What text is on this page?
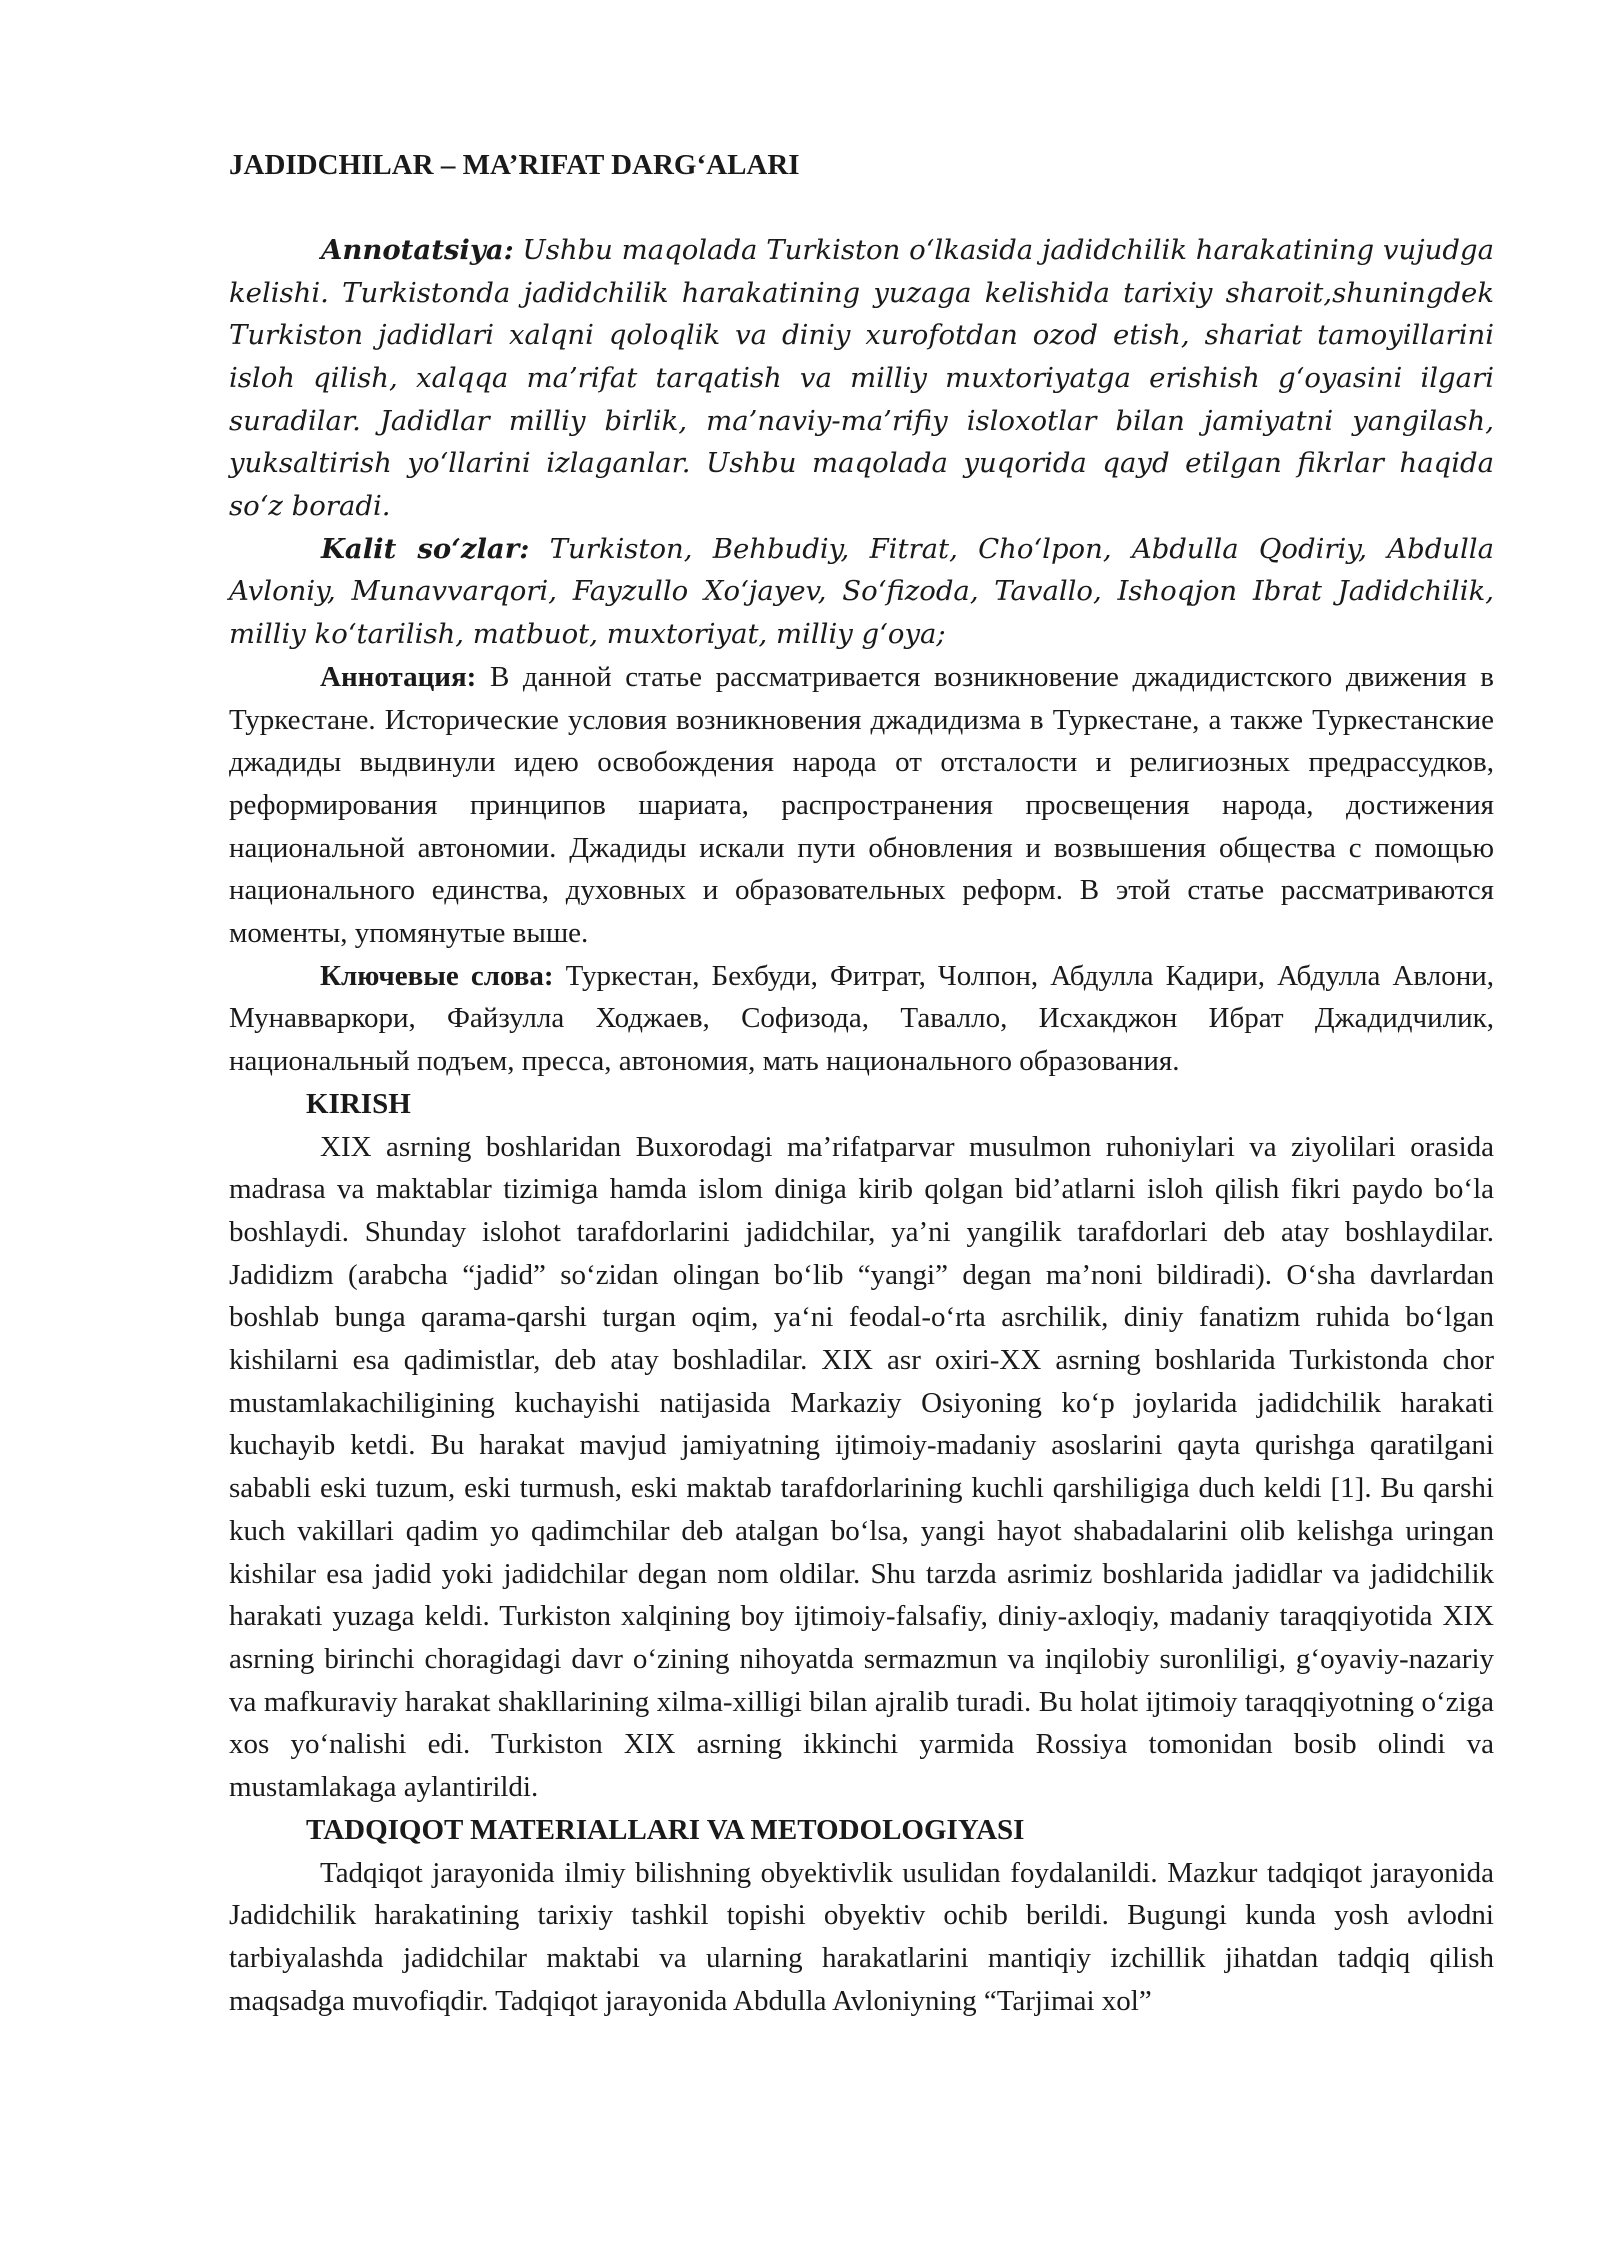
JADIDCHILAR – MA’RIFAT DARG‘ALARI

Annotatsiya: Ushbu maqolada Turkiston o‘lkasida jadidchilik harakatining vujudga kelishi. Turkistonda jadidchilik harakatining yuzaga kelishida tarixiy sharoit,shuningdek Turkiston jadidlari xalqni qoloqlik va diniy xurofotdan ozod etish, shariat tamoyillarini isloh qilish, xalqqa ma’rifat tarqatish va milliy muxtoriyatga erishish g‘oyasini ilgari suradilar. Jadidlar milliy birlik, ma’naviy-ma’rifiy isloxotlar bilan jamiyatni yangilash, yuksaltirish yo‘llarini izlaganlar. Ushbu maqolada yuqorida qayd etilgan fikrlar haqida so‘z boradi.

Kalit so‘zlar: Turkiston, Behbudiy, Fitrat, Cho‘lpon, Abdulla Qodiriy, Abdulla Avloniy, Munavvarqori, Fayzullo Xo‘jayev, So‘fizoda, Tavallo, Ishoqjon Ibrat Jadidchilik, milliy ko‘tarilish, matbuot, muxtoriyat, milliy g‘oya;

Аннотация: В данной статье рассматривается возникновение джадидистского движения в Туркестане. Исторические условия возникновения джадидизма в Туркестане, а также Туркестанские джадиды выдвинули идею освобождения народа от отсталости и религиозных предрассудков, реформирования принципов шариата, распространения просвещения народа, достижения национальной автономии. Джадиды искали пути обновления и возвышения общества с помощью национального единства, духовных и образовательных реформ. В этой статье рассматриваются моменты, упомянутые выше.

Ключевые слова: Туркестан, Бехбуди, Фитрат, Чолпон, Абдулла Кадири, Абдулла Авлони, Мунавваркори, Файзулла Ходжаев, Софизода, Тавалло, Исхакджон Ибрат Джадидчилик, национальный подъем, пресса, автономия, мать национального образования.

KIRISH

XIX asrning boshlaridan Buxorodagi ma’rifatparvar musulmon ruhoniylari va ziyolilari orasida madrasa va maktablar tizimiga hamda islom diniga kirib qolgan bid’atlarni isloh qilish fikri paydo bo‘la boshlaydi. Shunday islohot tarafdorlarini jadidchilar, ya’ni yangilik tarafdorlari deb atay boshlaydilar. Jadidizm (arabcha “jadid” so‘zidan olingan bo‘lib “yangi” degan ma’noni bildiradi). O‘sha davrlardan boshlab bunga qarama-qarshi turgan oqim, ya‘ni feodal-o‘rta asrchilik, diniy fanatizm ruhida bo‘lgan kishilarni esa qadimistlar, deb atay boshladilar. XIX asr oxiri-XX asrning boshlarida Turkistonda chor mustamlakachiligining kuchayishi natijasida Markaziy Osiyoning ko‘p joylarida jadidchilik harakati kuchayib ketdi. Bu harakat mavjud jamiyatning ijtimoiy-madaniy asoslarini qayta qurishga qaratilgani sababli eski tuzum, eski turmush, eski maktab tarafdorlarining kuchli qarshiligiga duch keldi [1]. Bu qarshi kuch vakillari qadim yo qadimchilar deb atalgan bo‘lsa, yangi hayot shabadalarini olib kelishga uringan kishilar esa jadid yoki jadidchilar degan nom oldilar. Shu tarzda asrimiz boshlarida jadidlar va jadidchilik harakati yuzaga keldi. Turkiston xalqining boy ijtimoiy-falsafiy, diniy-axloqiy, madaniy taraqqiyotida XIX asrning birinchi choragidagi davr o‘zining nihoyatda sermazmun va inqilobiy suronliligi, g‘oyaviy-nazariy va mafkuraviy harakat shakllarining xilma-xilligi bilan ajralib turadi. Bu holat ijtimoiy taraqqiyotning o‘ziga xos yo‘nalishi edi. Turkiston XIX asrning ikkinchi yarmida Rossiya tomonidan bosib olindi va mustamlakaga aylantirildi.

TADQIQOT MATERIALLARI VA METODOLOGIYASI

Tadqiqot jarayonida ilmiy bilishning obyektivlik usulidan foydalanildi. Mazkur tadqiqot jarayonida Jadidchilik harakatining tarixiy tashkil topishi obyektiv ochib berildi. Bugungi kunda yosh avlodni tarbiyalashda jadidchilar maktabi va ularning harakatlarini mantiqiy izchillik jihatdan tadqiq qilish maqsadga muvofiqdir. Tadqiqot jarayonida Abdulla Avloniyning “Tarjimai xol”
